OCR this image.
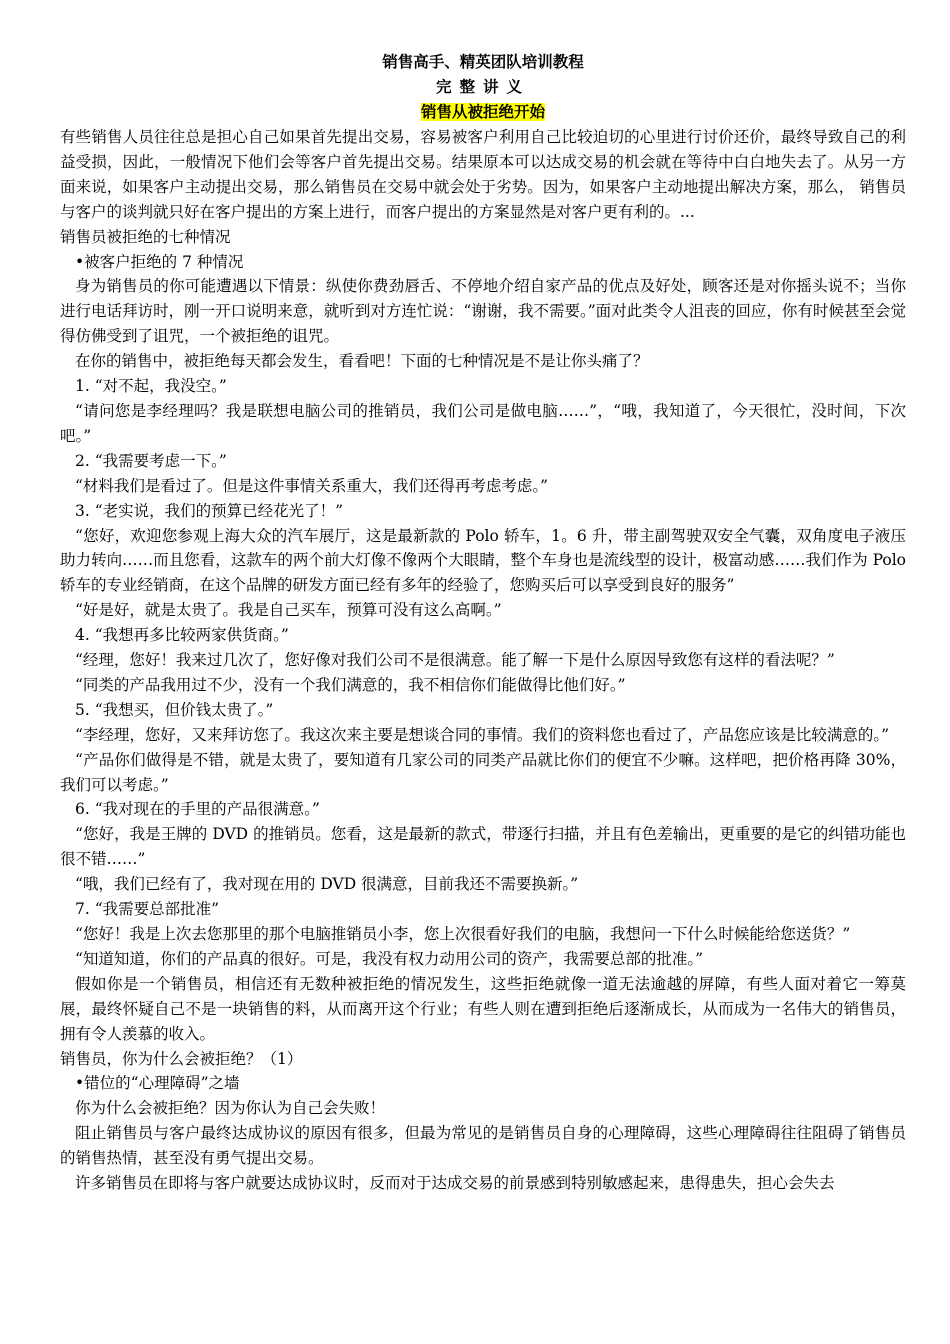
销售高手、精英团队培训教程

完整讲义

销售从被拒绝开始

有些销售人员往往总是担心自己如果首先提出交易，容易被客户利用自己比较迫切的心里进行讨价还价，最终导致自己的利益受损，因此，一般情况下他们会等客户首先提出交易。结果原本可以达成交易的机会就在等待中白白地失去了。从另一方面来说，如果客户主动提出交易，那么销售员在交易中就会处于劣势。因为，如果客户主动地提出解决方案，那么， 销售员与客户的谈判就只好在客户提出的方案上进行，而客户提出的方案显然是对客户更有利的。...

销售员被拒绝的七种情况

•被客户拒绝的 7 种情况

身为销售员的你可能遭遇以下情景：纵使你费劲唇舌、不停地介绍自家产品的优点及好处，顾客还是对你摇头说不；当你进行电话拜访时，刚一开口说明来意，就听到对方连忙说：“谢谢，我不需要。”面对此类令人沮丧的回应，你有时候甚至会觉得仿佛受到了诅咒，一个被拒绝的诅咒。

在你的销售中，被拒绝每天都会发生，看看吧！下面的七种情况是不是让你头痛了？

1. “对不起，我没空。”

“请问您是李经理吗？我是联想电脑公司的推销员，我们公司是做电脑……”，“哦，我知道了，今天很忙，没时间，下次吧。”

2. “我需要考虑一下。”

“材料我们是看过了。但是这件事情关系重大，我们还得再考虑考虑。”

3. “老实说，我们的预算已经花光了！”

“您好，欢迎您参观上海大众的汽车展厅，这是最新款的 Polo 轿车，1。6 升，带主副驾驶双安全气囊，双角度电子液压助力转向……而且您看，这款车的两个前大灯像不像两个大眼睛，整个车身也是流线型的设计，极富动感……我们作为 Polo 轿车的专业经销商，在这个品牌的研发方面已经有多年的经验了，您购买后可以享受到良好的服务”

“好是好，就是太贵了。我是自己买车，预算可没有这么高啊。”

4. “我想再多比较两家供货商。”

“经理，您好！我来过几次了，您好像对我们公司不是很满意。能了解一下是什么原因导致您有这样的看法呢？”

“同类的产品我用过不少，没有一个我们满意的，我不相信你们能做得比他们好。”

5. “我想买，但价钱太贵了。”

“李经理，您好，又来拜访您了。我这次来主要是想谈合同的事情。我们的资料您也看过了，产品您应该是比较满意的。”

“产品你们做得是不错，就是太贵了，要知道有几家公司的同类产品就比你们的便宜不少嘛。这样吧，把价格再降 30%，我们可以考虑。”

6. “我对现在的手里的产品很满意。”

“您好，我是王牌的 DVD 的推销员。您看，这是最新的款式，带逐行扫描，并且有色差输出，更重要的是它的纠错功能也很不错……”

“哦，我们已经有了，我对现在用的 DVD 很满意，目前我还不需要换新。”

7. “我需要总部批准”

“您好！我是上次去您那里的那个电脑推销员小李，您上次很看好我们的电脑，我想问一下什么时候能给您送货？”

“知道知道，你们的产品真的很好。可是，我没有权力动用公司的资产，我需要总部的批准。”

假如你是一个销售员，相信还有无数种被拒绝的情况发生，这些拒绝就像一道无法逾越的屏障，有些人面对着它一筹莫展，最终怀疑自己不是一块销售的料，从而离开这个行业；有些人则在遭到拒绝后逐渐成长，从而成为一名伟大的销售员，拥有令人羡慕的收入。

销售员，你为什么会被拒绝？（1）

•错位的“心理障碍”之墙

你为什么会被拒绝？因为你认为自己会失败！

阻止销售员与客户最终达成协议的原因有很多，但最为常见的是销售员自身的心理障碍，这些心理障碍往往阻碍了销售员的销售热情，甚至没有勇气提出交易。

许多销售员在即将与客户就要达成协议时，反而对于达成交易的前景感到特别敏感起来，患得患失，担心会失去
